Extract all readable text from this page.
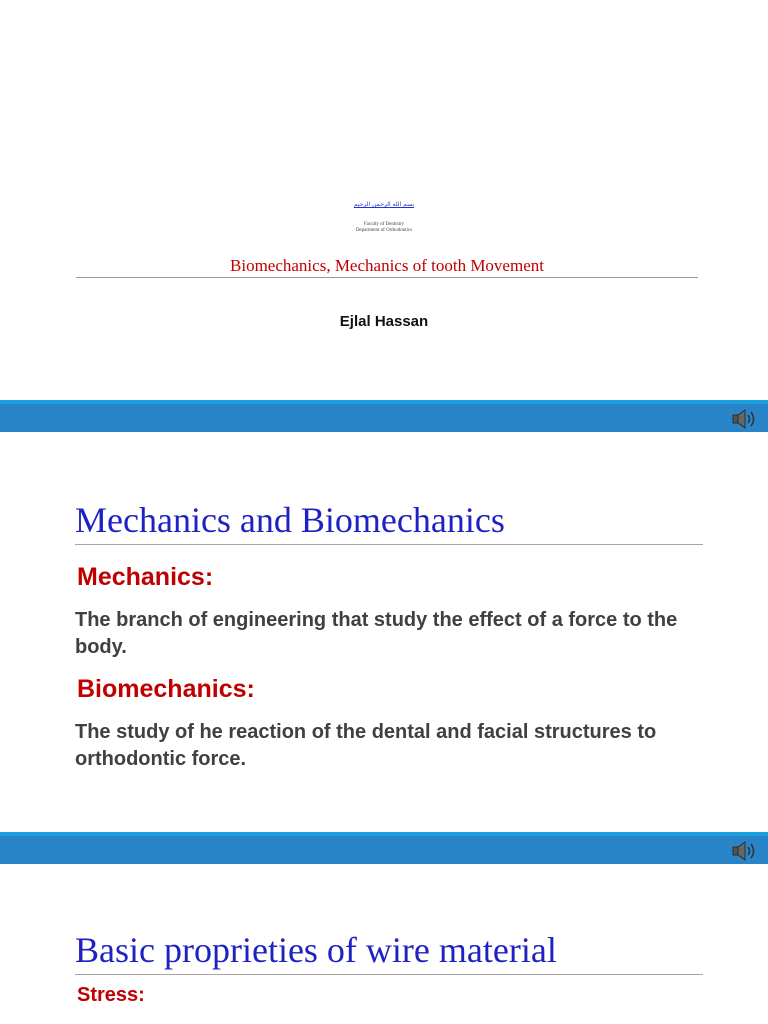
بسم الله الرحمن الرحيم
Faculty of Dentistry
Department of Orthodontics
Biomechanics, Mechanics of tooth Movement
Ejlal Hassan
Mechanics and Biomechanics
Mechanics:
The branch of engineering that study the effect of a force to the body.
Biomechanics:
The study of he reaction of the dental and facial structures to orthodontic force.
Basic proprieties of wire material
Stress:
